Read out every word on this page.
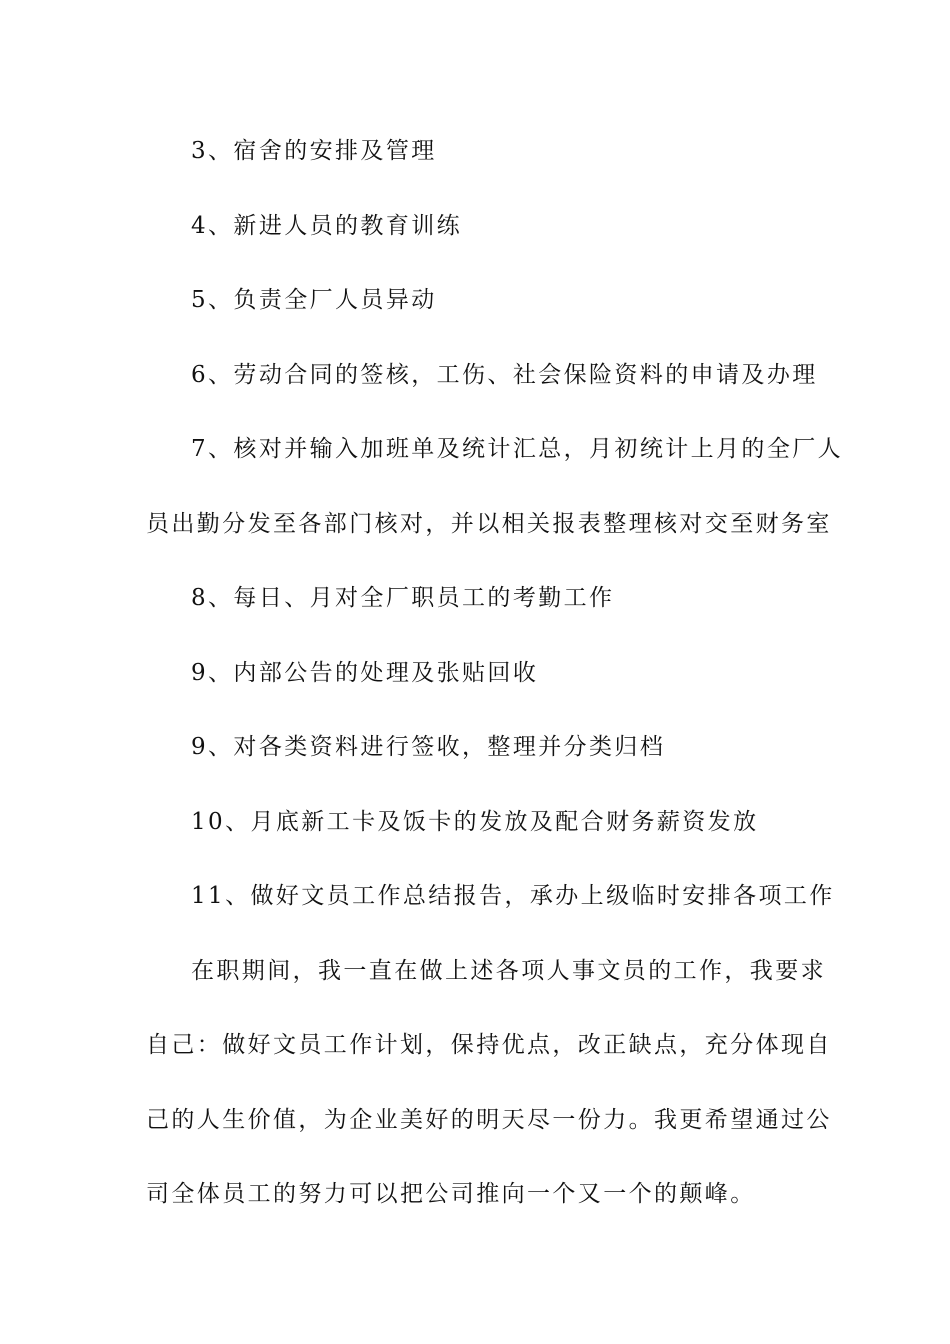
3、宿舍的安排及管理
4、新进人员的教育训练
5、负责全厂人员异动
6、劳动合同的签核，工伤、社会保险资料的申请及办理
7、核对并输入加班单及统计汇总，月初统计上月的全厂人
员出勤分发至各部门核对，并以相关报表整理核对交至财务室
8、每日、月对全厂职员工的考勤工作
9、内部公告的处理及张贴回收
9、对各类资料进行签收，整理并分类归档
10、月底新工卡及饭卡的发放及配合财务薪资发放
11、做好文员工作总结报告，承办上级临时安排各项工作
在职期间，我一直在做上述各项人事文员的工作，我要求
自己：做好文员工作计划，保持优点，改正缺点，充分体现自
己的人生价值，为企业美好的明天尽一份力。我更希望通过公
司全体员工的努力可以把公司推向一个又一个的颠峰。
